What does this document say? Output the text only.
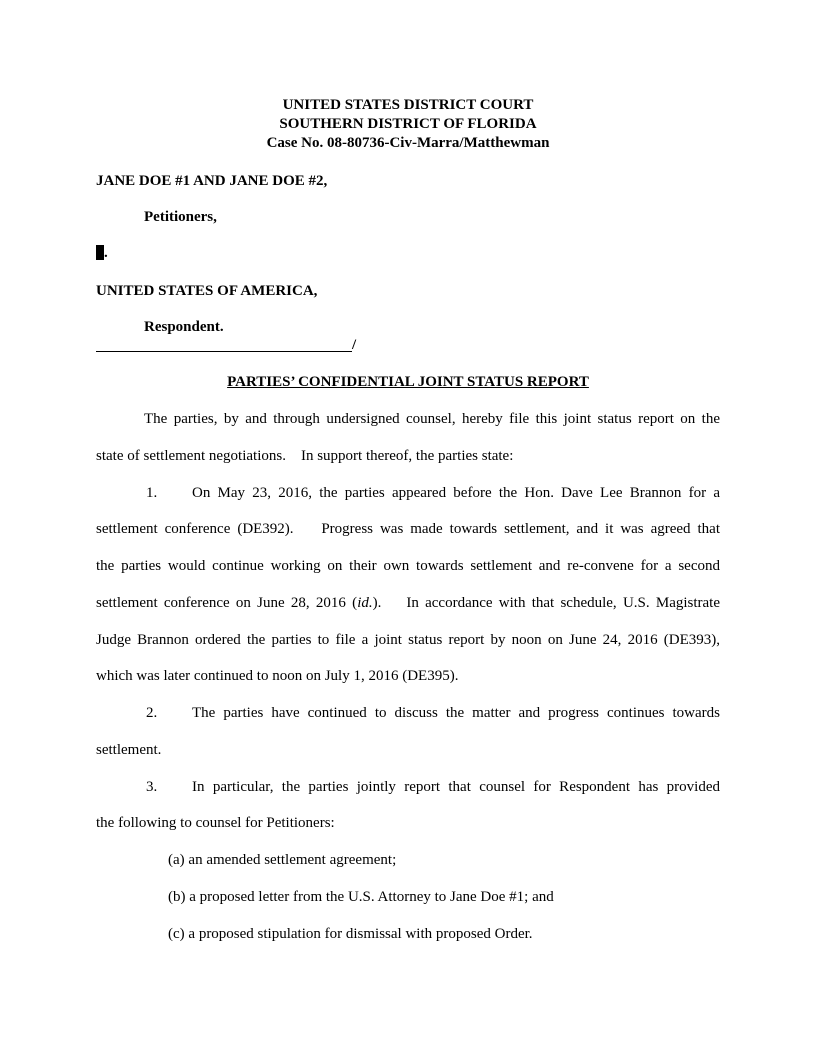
UNITED STATES DISTRICT COURT
SOUTHERN DISTRICT OF FLORIDA
Case No. 08-80736-Civ-Marra/Matthewman
JANE DOE #1 AND JANE DOE #2,
Petitioners,
.
UNITED STATES OF AMERICA,
Respondent.
/
PARTIES’ CONFIDENTIAL JOINT STATUS REPORT
The parties, by and through undersigned counsel, hereby file this joint status report on the
state of settlement negotiations.    In support thereof, the parties state:
1. On May 23, 2016, the parties appeared before the Hon. Dave Lee Brannon for a
settlement conference (DE392).    Progress was made towards settlement, and it was agreed that
the parties would continue working on their own towards settlement and re-convene for a second
settlement conference on June 28, 2016 (id.).    In accordance with that schedule, U.S. Magistrate
Judge Brannon ordered the parties to file a joint status report by noon on June 24, 2016 (DE393),
which was later continued to noon on July 1, 2016 (DE395).
2. The parties have continued to discuss the matter and progress continues towards
settlement.
3. In particular, the parties jointly report that counsel for Respondent has provided
the following to counsel for Petitioners:
(a) an amended settlement agreement;
(b) a proposed letter from the U.S. Attorney to Jane Doe #1; and
(c) a proposed stipulation for dismissal with proposed Order.
